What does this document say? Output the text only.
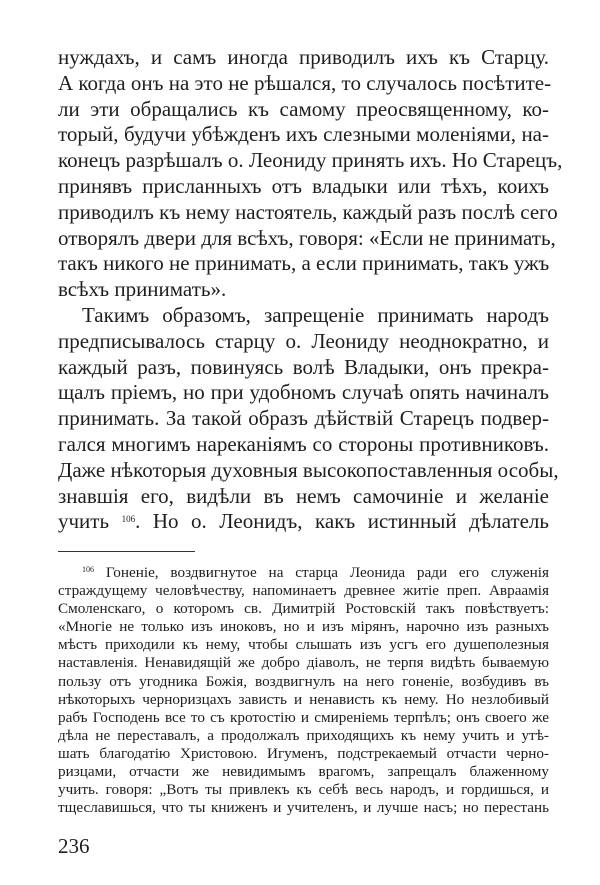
нуждахъ, и самъ иногда приводилъ ихъ къ Старцу.
А когда онъ на это не рѣшался, то случалось посѣтите-
ли эти обращались къ самому преосвященному, ко-
торый, будучи убѣжденъ ихъ слезными моленіями, на-
конецъ разрѣшалъ о. Леониду принять ихъ. Но Старецъ,
принявъ присланныхъ отъ владыки или тѣхъ, коихъ
приводилъ къ нему настоятель, каждый разъ послѣ сего
отворялъ двери для всѣхъ, говоря: «Если не принимать,
такъ никого не принимать, а если принимать, такъ ужъ
всѣхъ принимать».
Такимъ образомъ, запрещеніе принимать народъ
предписывалось старцу о. Леониду неоднократно, и
каждый разъ, повинуясь волѣ Владыки, онъ прекра-
щалъ пріемъ, но при удобномъ случаѣ опять начиналъ
принимать. За такой образъ дѣйствій Старецъ подвер-
гался многимъ нареканіямъ со стороны противниковъ.
Даже нѣкоторыя духовныя высокопоставленныя особы,
знавшія его, видѣли въ немъ самочиніе и желаніе
учить $^{106}$. Но о. Леонидъ, какъ истинный дѣлатель
$^{106}$ Гоненіе, воздвигнутое на старца Леонида ради его служенія
страждущему человѣчеству, напоминаетъ древнее житіе преп. Авраамія
Смоленскаго, о которомъ св. Димитрій Ростовскій такъ повѣствуетъ:
«Многіе не только изъ иноковъ, но и изъ мірянъ, нарочно изъ разныхъ
мѣстъ приходили къ нему, чтобы слышать изъ усгъ его душеполезныя
наставленія. Ненавидящій же добро діаволъ, не терпя видѣть бываемую
пользу отъ угодника Божія, воздвигнулъ на него гоненіе, возбудивъ въ
нѣкоторыхъ черноризцахъ зависть и ненависть къ нему. Но незлобивый
рабъ Господень все то съ кротостію и смиреніемь терпѣлъ; онъ своего же
дѣла не переставалъ, а продолжалъ приходящихъ къ нему учить и утѣ-
шать благодатію Христовою. Игуменъ, подстрекаемый отчасти черно-
ризцами, отчасти же невидимымъ врагомъ, запрещалъ блаженному
учить. говоря: „Вотъ ты привлекъ къ себѣ весь народъ, и гордишься, и
тщеславишься, что ты книженъ и учителенъ, и лучше насъ; но перестань
236
